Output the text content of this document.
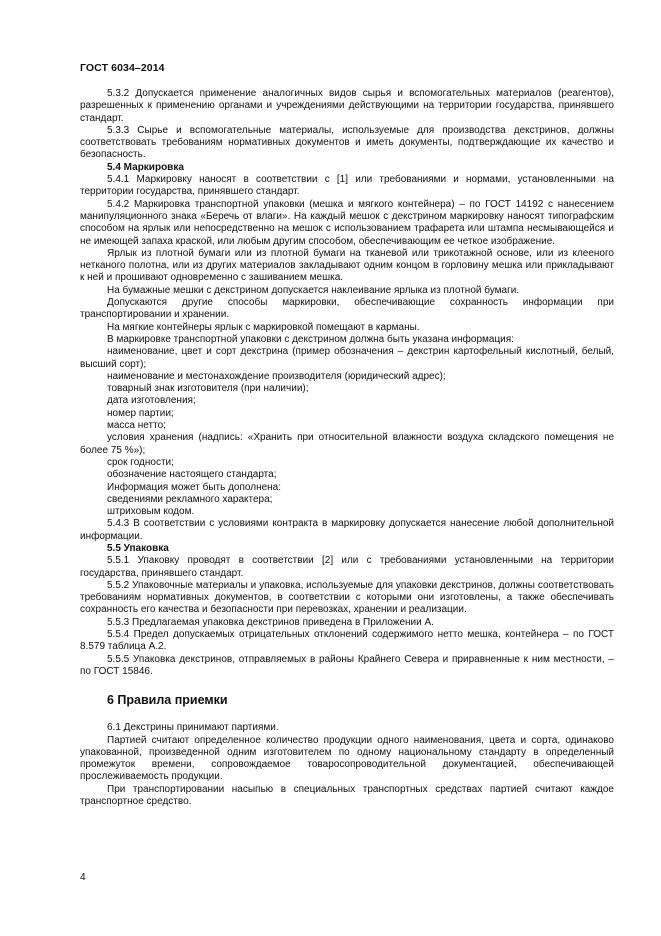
ГОСТ 6034–2014

5.3.2 Допускается применение аналогичных видов сырья и вспомогательных материалов (реагентов), разрешенных к применению органами и учреждениями действующими на территории государства, принявшего стандарт.

5.3.3 Сырье и вспомогательные материалы, используемые для производства декстринов, должны соответствовать требованиям нормативных документов и иметь документы, подтверждающие их качество и безопасность.

5.4 Маркировка

5.4.1 Маркировку наносят в соответствии с [1] или требованиями и нормами, установленными на территории государства, принявшего стандарт.

5.4.2 Маркировка транспортной упаковки (мешка и мягкого контейнера) – по ГОСТ 14192 с нанесением манипуляционного знака «Беречь от влаги». На каждый мешок с декстрином маркировку наносят типографским способом на ярлык или непосредственно на мешок с использованием трафарета или штампа несмывающейся и не имеющей запаха краской, или любым другим способом, обеспечивающим ее четкое изображение.

Ярлык из плотной бумаги или из плотной бумаги на тканевой или трикотажной основе, или из клееного нетканого полотна, или из других материалов закладывают одним концом в горловину мешка или прикладывают к ней и прошивают одновременно с зашиванием мешка.

На бумажные мешки с декстрином допускается наклеивание ярлыка из плотной бумаги.

Допускаются другие способы маркировки, обеспечивающие сохранность информации при транспортировании и хранении.

На мягкие контейнеры ярлык с маркировкой помещают в карманы.

В маркировке транспортной упаковки с декстрином должна быть указана информация:

наименование, цвет и сорт декстрина (пример обозначения – декстрин картофельный кислотный, белый, высший сорт);

наименование и местонахождение производителя (юридический адрес);

товарный знак изготовителя (при наличии);

дата изготовления;

номер партии;

масса нетто;

условия хранения (надпись: «Хранить при относительной влажности воздуха складского помещения не более 75 %»);

срок годности;

обозначение настоящего стандарта;

Информация может быть дополнена:

сведениями рекламного характера;

штриховым кодом.

5.4.3 В соответствии с условиями контракта в маркировку допускается нанесение любой дополнительной информации.

5.5 Упаковка

5.5.1 Упаковку проводят в соответствии [2] или с требованиями установленными на территории государства, принявшего стандарт.

5.5.2 Упаковочные материалы и упаковка, используемые для упаковки декстринов, должны соответствовать требованиям нормативных документов, в соответствии с которыми они изготовлены, а также обеспечивать сохранность его качества и безопасности при перевозках, хранении и реализации.

5.5.3 Предлагаемая упаковка декстринов приведена в Приложении А.

5.5.4 Предел допускаемых отрицательных отклонений содержимого нетто мешка, контейнера – по ГОСТ 8.579 таблица А.2.

5.5.5 Упаковка декстринов, отправляемых в районы Крайнего Севера и приравненные к ним местности, – по ГОСТ 15846.

6 Правила приемки

6.1 Декстрины принимают партиями.

Партией считают определенное количество продукции одного наименования, цвета и сорта, одинаково упакованной, произведенной одним изготовителем по одному национальному стандарту в определенный промежуток времени, сопровождаемое товаросопроводительной документацией, обеспечивающей прослеживаемость продукции.

При транспортировании насыпью в специальных транспортных средствах партией считают каждое транспортное средство.

4
